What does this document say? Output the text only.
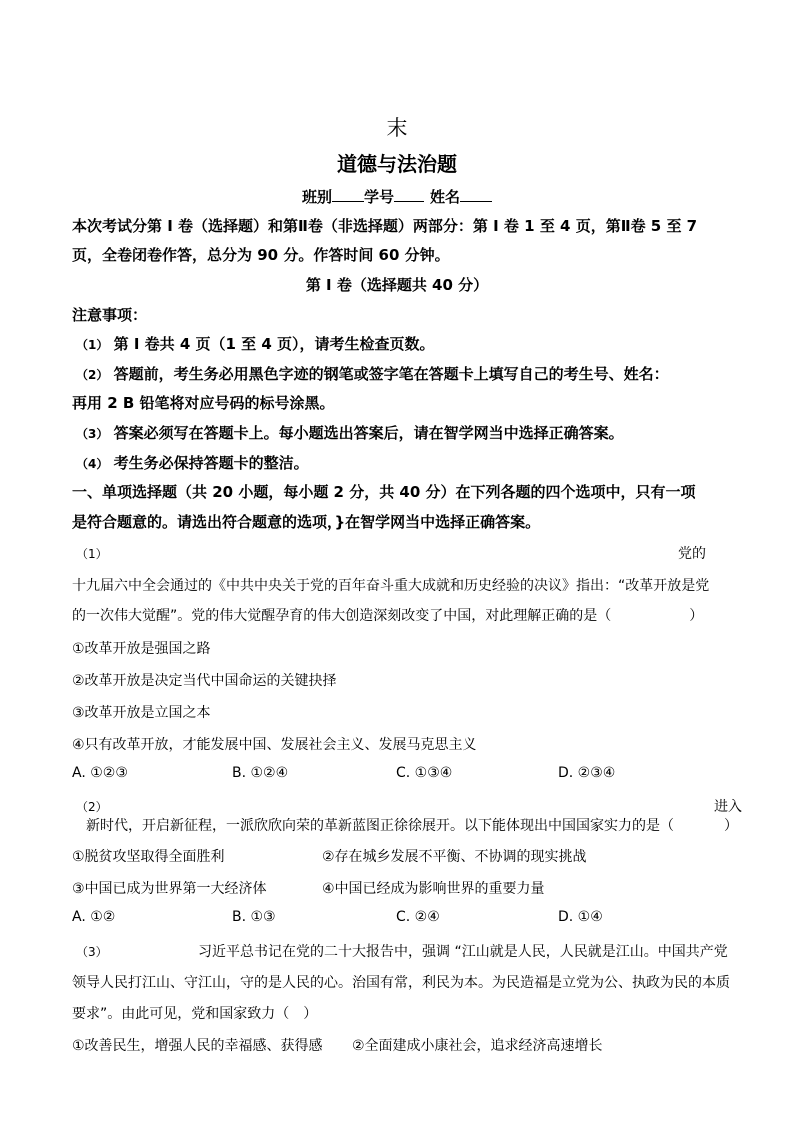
末
道德与法治题
班别 学号 姓名
本次考试分第 Ⅰ 卷（选择题）和第Ⅱ卷（非选择题）两部分：第 Ⅰ 卷 1 至 4 页，第Ⅱ卷 5 至 7
页，全卷闭卷作答，总分为 90 分。作答时间 60 分钟。
第 Ⅰ 卷（选择题共 40 分）
注意事项：
（1） 第 Ⅰ 卷共 4 页（1 至 4 页），请考生检查页数。
（2） 答题前，考生务必用黑色字迹的钢笔或签字笔在答题卡上填写自己的考生号、姓名：
再用 2 B 铅笔将对应号码的标号涂黑。
（3） 答案必须写在答题卡上。每小题选出答案后，请在智学网当中选择正确答案。
（4） 考生务必保持答题卡的整洁。
一、单项选择题（共 20 小题，每小题 2 分，共 40 分）在下列各题的四个选项中，只有一项
是符合题意的。请选出符合题意的选项，}在智学网当中选择正确答案。
（1）	党的
十九届六中全会通过的《中共中央关于党的百年奋斗重大成就和历史经验的决议》指出：“改革开放是党
的一次伟大觉醒”。党的伟大觉醒孕育的伟大创造深刻改变了中国，对此理解正确的是（	）
①改革开放是强国之路
②改革开放是决定当代中国命运的关键抉择
③改革开放是立国之本
④只有改革开放，才能发展中国、发展社会主义、发展马克思主义
A. ①②③	B. ①②④	C. ①③④	D. ②③④
（2）	进入
新时代，开启新征程，一派欣欣向荣的革新蓝图正徐徐展开。以下能体现出中国国家实力的是（	）
①脱贫攻坚取得全面胜利	②存在城乡发展不平衡、不协调的现实挑战
③中国已成为世界第一大经济体	④中国已经成为影响世界的重要力量
A. ①②	B. ①③	C. ②④	D. ①④
（3）	习近平总书记在党的二十大报告中，强调 “江山就是人民，人民就是江山。中国共产党
领导人民打江山、守江山，守的是人民的心。治国有常，利民为本。为民造福是立党为公、执政为民的本质
要求”。由此可见，党和国家致力（　）
①改善民生，增强人民的幸福感、获得感 ②全面建成小康社会，追求经济高速增长
